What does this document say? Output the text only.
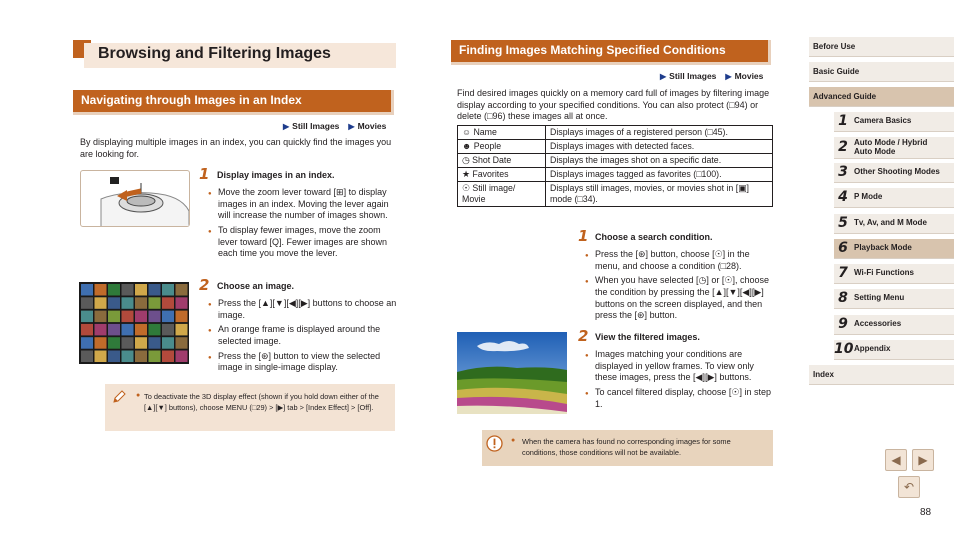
Browsing and Filtering Images
Navigating through Images in an Index
▶ Still Images ▶ Movies
By displaying multiple images in an index, you can quickly find the images you are looking for.
1 Display images in an index.
● Move the zoom lever toward [⊞] to display images in an index. Moving the lever again will increase the number of images shown.
● To display fewer images, move the zoom lever toward [Q]. Fewer images are shown each time you move the lever.
2 Choose an image.
● Press the [▲][▼][◀][▶] buttons to choose an image.
● An orange frame is displayed around the selected image.
● Press the [⊛] button to view the selected image in single-image display.
● To deactivate the 3D display effect (shown if you hold down either of the [▲][▼] buttons), choose MENU (□29) > [▶] tab > [Index Effect] > [Off].
Finding Images Matching Specified Conditions
▶ Still Images ▶ Movies
Find desired images quickly on a memory card full of images by filtering image display according to your specified conditions. You can also protect (□94) or delete (□96) these images all at once.
☺ Name	Displays images of a registered person (□45).
☻ People	Displays images with detected faces.
◷ Shot Date	Displays the images shot on a specific date.
★ Favorites	Displays images tagged as favorites (□100).
☉ Still image/ Movie	Displays still images, movies, or movies shot in [▣] mode (□34).
1 Choose a search condition.
● Press the [⊛] button, choose [☉] in the menu, and choose a condition (□28).
● When you have selected [◷] or [☉], choose the condition by pressing the [▲][▼][◀][▶] buttons on the screen displayed, and then press the [⊛] button.
2 View the filtered images.
● Images matching your conditions are displayed in yellow frames. To view only these images, press the [◀][▶] buttons.
● To cancel filtered display, choose [☉] in step 1.
● When the camera has found no corresponding images for some conditions, those conditions will not be available.
Before Use
Basic Guide
Advanced Guide
1 Camera Basics
2 Auto Mode / Hybrid Auto Mode
3 Other Shooting Modes
4 P Mode
5 Tv, Av, and M Mode
6 Playback Mode
7 Wi-Fi Functions
8 Setting Menu
9 Accessories
10 Appendix
Index
◀ ▶
↶
88
